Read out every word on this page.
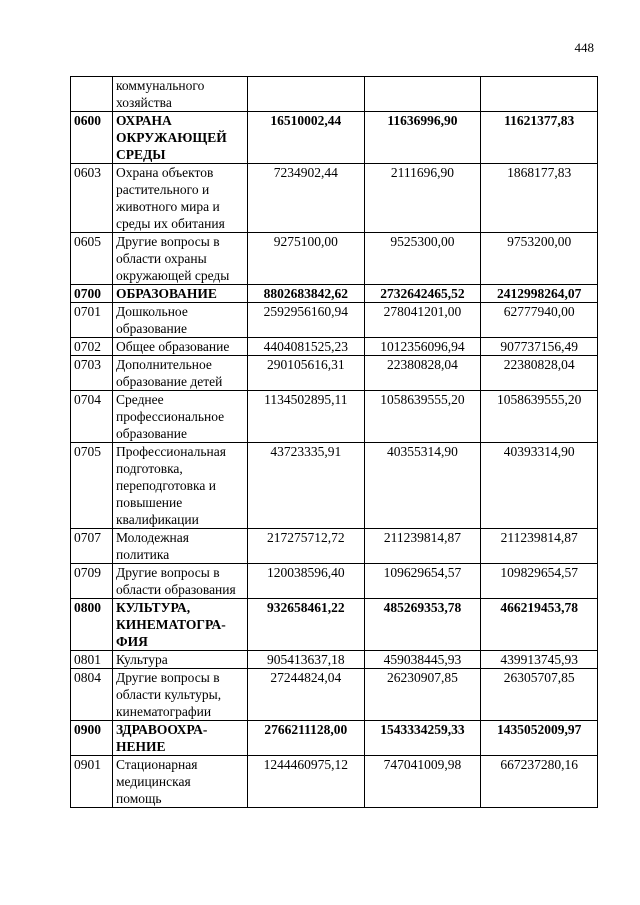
448

	коммунального
хозяйства			

0600	ОХРАНА
ОКРУЖАЮЩЕЙ
СРЕДЫ	16510002,44	11636996,90	11621377,83
0603	Охрана объектов
растительного и
животного мира и
среды их обитания	7234902,44	2111696,90	1868177,83
0605	Другие вопросы в
области охраны
окружающей среды	9275100,00	9525300,00	9753200,00
0700	ОБРАЗОВАНИЕ	8802683842,62	2732642465,52	2412998264,07
0701	Дошкольное
образование	2592956160,94	278041201,00	62777940,00
0702	Общее образование	4404081525,23	1012356096,94	907737156,49
0703	Дополнительное
образование детей	290105616,31	22380828,04	22380828,04
0704	Среднее
профессиональное
образование	1134502895,11	1058639555,20	1058639555,20
0705	Профессиональная
подготовка,
переподготовка и
повышение
квалификации	43723335,91	40355314,90	40393314,90
0707	Молодежная
политика	217275712,72	211239814,87	211239814,87
0709	Другие вопросы в
области образования	120038596,40	109629654,57	109829654,57
0800	КУЛЬТУРА,
КИНЕМАТОГРА-
ФИЯ	932658461,22	485269353,78	466219453,78
0801	Культура	905413637,18	459038445,93	439913745,93
0804	Другие вопросы в
области культуры,
кинематографии	27244824,04	26230907,85	26305707,85
0900	ЗДРАВООХРА-
НЕНИЕ	2766211128,00	1543334259,33	1435052009,97
0901	Стационарная
медицинская
помощь	1244460975,12	747041009,98	667237280,16
